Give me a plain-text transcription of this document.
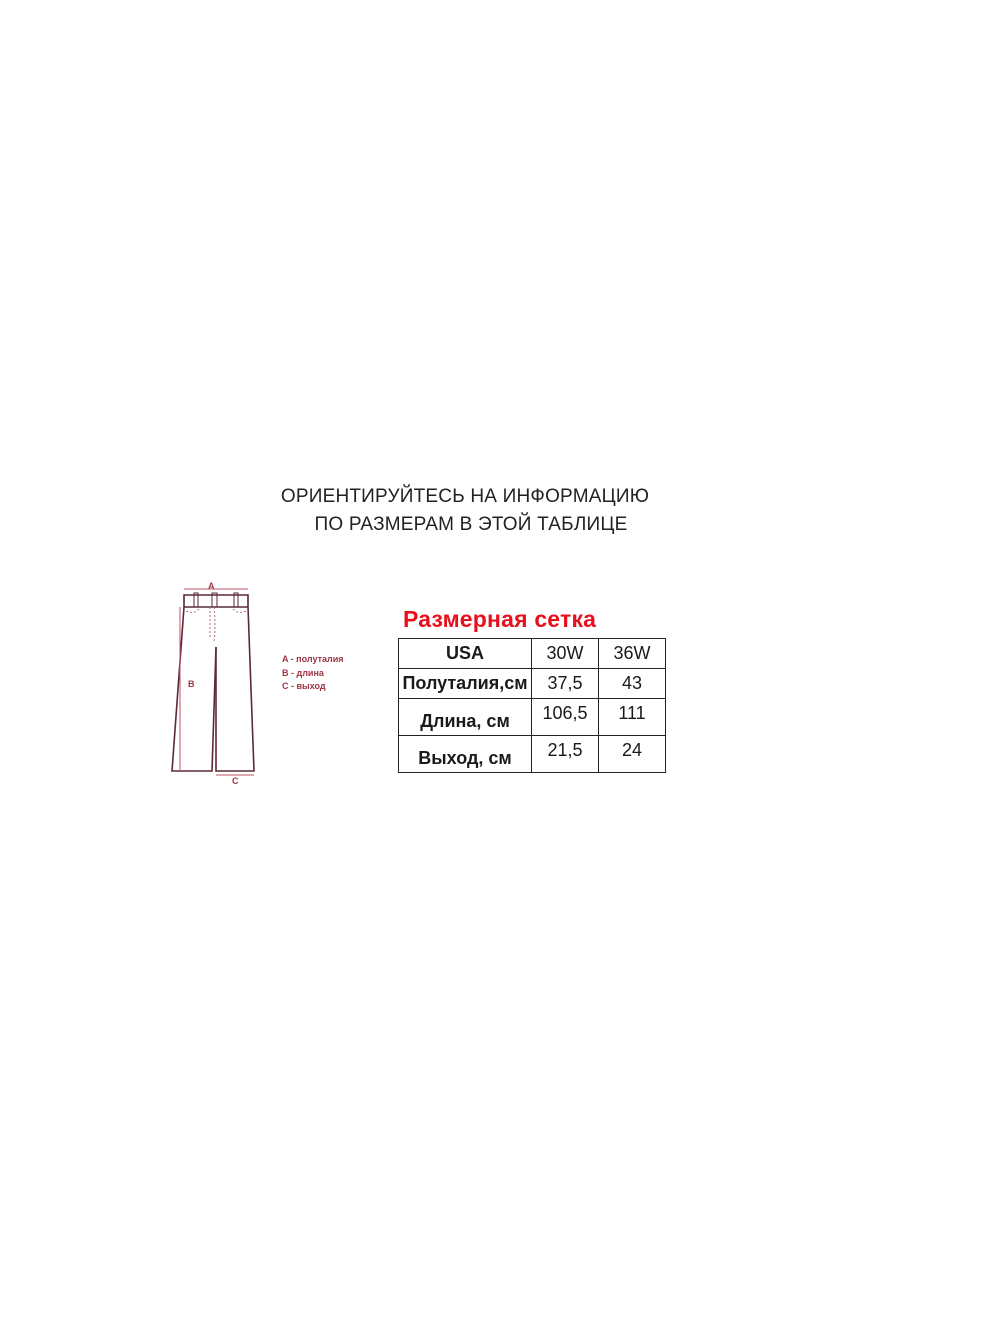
ОРИЕНТИРУЙТЕСЬ НА ИНФОРМАЦИЮ
ПО РАЗМЕРАМ В ЭТОЙ ТАБЛИЦЕ
A
B
C
A - полуталия
B - длина
C - выход
Размерная сетка
USA	30W	36W
Полуталия,см	37,5	43
Длина, см	106,5	111
Выход, см	21,5	24
